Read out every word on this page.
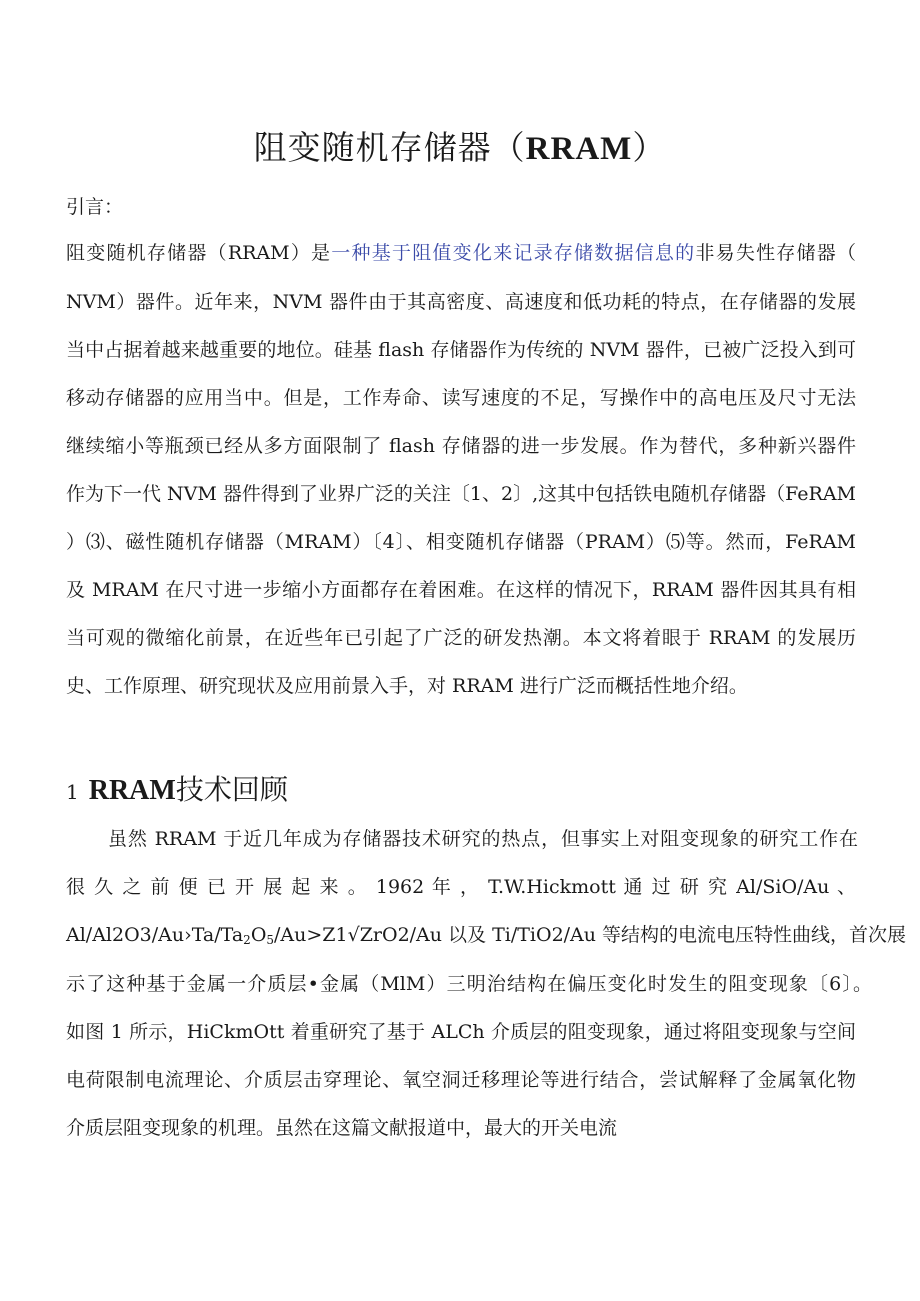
阻变随机存储器（RRAM）
引言：
阻变随机存储器（RRAM）是一种基于阻值变化来记录存储数据信息的非易失性存储器（
NVM）器件。近年来，NVM 器件由于其高密度、高速度和低功耗的特点，在存储器的发展
当中占据着越来越重要的地位。硅基 flash 存储器作为传统的 NVM 器件，已被广泛投入到可
移动存储器的应用当中。但是，工作寿命、读写速度的不足，写操作中的高电压及尺寸无法
继续缩小等瓶颈已经从多方面限制了 flash 存储器的进一步发展。作为替代，多种新兴器件
作为下一代 NVM 器件得到了业界广泛的关注〔1、2〕,这其中包括铁电随机存储器（FeRAM
）⑶、磁性随机存储器（MRAM）〔4〕、相变随机存储器（PRAM）⑸等。然而，FeRAM
及 MRAM 在尺寸进一步缩小方面都存在着困难。在这样的情况下，RRAM 器件因其具有相
当可观的微缩化前景，在近些年已引起了广泛的研发热潮。本文将着眼于 RRAM 的发展历
史、工作原理、研究现状及应用前景入手，对 RRAM 进行广泛而概括性地介绍。
1 RRAM技术回顾
虽然 RRAM 于近几年成为存储器技术研究的热点，但事实上对阻变现象的研究工作在
很 久 之 前 便 已 开 展 起 来 。 1962 年 ， T.W.Hickmott 通 过 研 究 Al/SiO/Au 、
$Al∕Al2O3∕Au›Ta∕Ta_2O_5∕Au>Z1√ZrO2∕Au$ 以及 Ti∕TiO2∕Au 等结构的电流电压特性曲线，首次展
示了这种基于金属一介质层•金属（MlM）三明治结构在偏压变化时发生的阻变现象〔6〕。
如图 1 所示，HiCkmOtt 着重研究了基于 ALCh 介质层的阻变现象，通过将阻变现象与空间
电荷限制电流理论、介质层击穿理论、氧空洞迁移理论等进行结合，尝试解释了金属氧化物
介质层阻变现象的机理。虽然在这篇文献报道中，最大的开关电流
